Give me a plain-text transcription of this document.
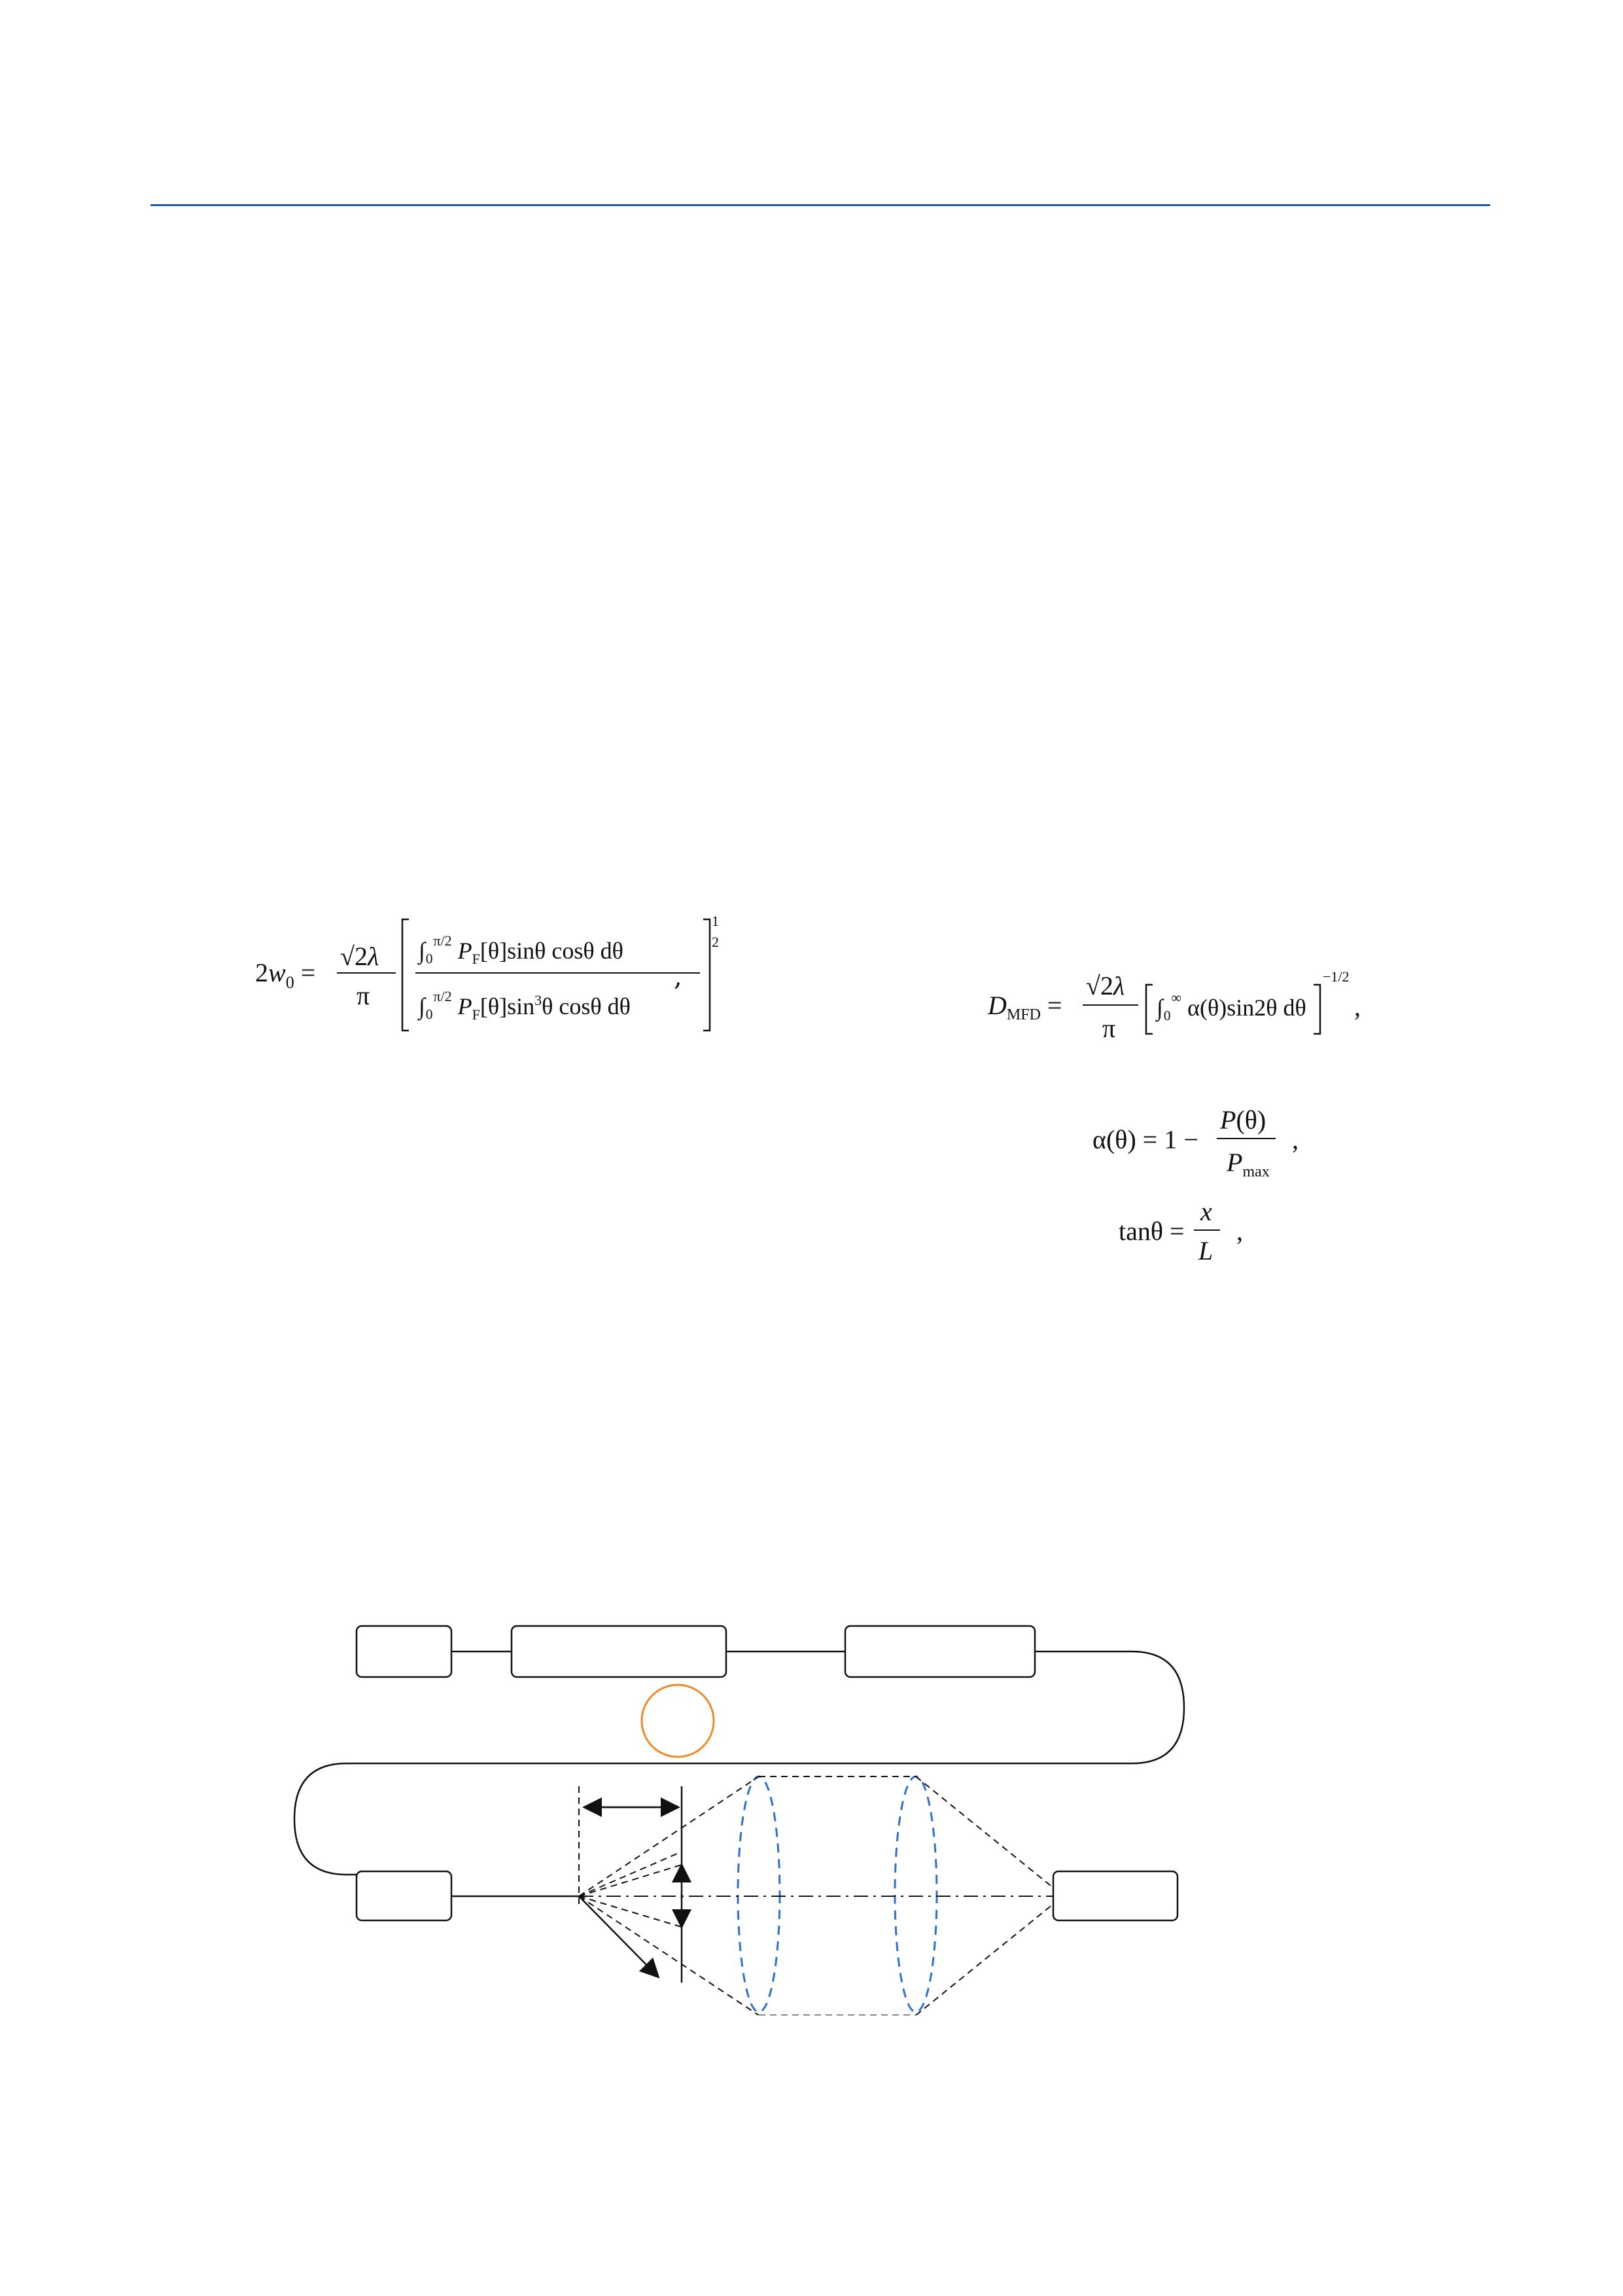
$2w_0$ =
√2λ
π
∫₀$^{\pi/2}$ $P_F[\theta]\sin\theta$ cosθ dθ
∫₀$^{\pi/2}$ $P_F[\theta]\sin^3\theta$ cosθ dθ
1
2
,

$D_{MFD}$ =
√2λ
π
∫₀∞ α(θ)sin2θ dθ
−1/2
,
α(θ) = 1 −
P(θ)
$P_{max}$
,
tanθ =
x
L
,
